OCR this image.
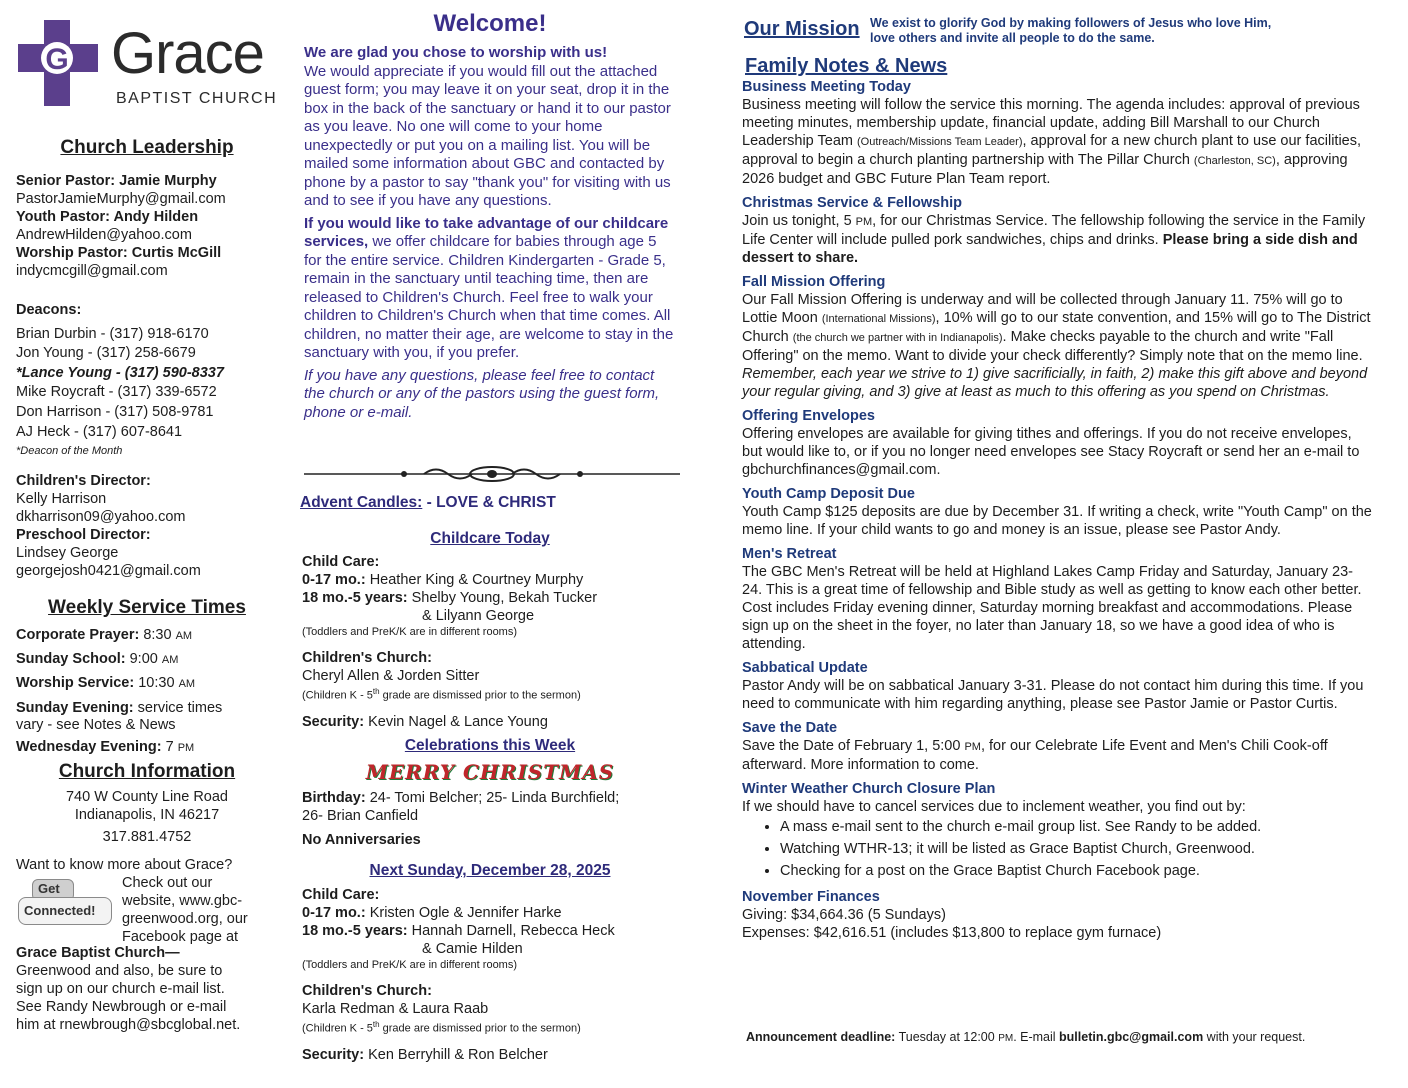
G Grace
BAPTIST CHURCH
Church Leadership

Senior Pastor: Jamie Murphy

PastorJamieMurphy@gmail.com

Youth Pastor: Andy Hilden

AndrewHilden@yahoo.com

Worship Pastor: Curtis McGill

indycmcgill@gmail.com

Deacons:

Brian Durbin - (317) 918-6170

Jon Young - (317) 258-6679

*Lance Young - (317) 590-8337

Mike Roycraft - (317) 339-6572

Don Harrison - (317) 508-9781

AJ Heck - (317) 607-8641

*Deacon of the Month

Children's Director:

Kelly Harrison

dkharrison09@yahoo.com

Preschool Director:

Lindsey George

georgejosh0421@gmail.com

Weekly Service Times

Corporate Prayer: 8:30 AM

Sunday School: 9:00 AM

Worship Service: 10:30 AM

Sunday Evening: service times

vary - see Notes & News

Wednesday Evening: 7 PM

Church Information

740 W County Line Road

Indianapolis, IN 46217

317.881.4752

Want to know more about Grace?
Get
Connected!

Check out our

website, www.gbc-

greenwood.org, our

Facebook page at

Grace Baptist Church—

Greenwood and also, be sure to

sign up on our church e-mail list.

See Randy Newbrough or e-mail

him at rnewbrough@sbcglobal.net.

Welcome!

We are glad you chose to worship with us!

We would appreciate if you would fill out the attached guest form; you may leave it on your seat, drop it in the box in the back of the sanctuary or hand it to our pastor as you leave. No one will come to your home unexpectedly or put you on a mailing list. You will be mailed some information about GBC and contacted by phone by a pastor to say "thank you" for visiting with us and to see if you have any questions.

If you would like to take advantage of our childcare services, we offer childcare for babies through age 5 for the entire service. Children Kindergarten - Grade 5, remain in the sanctuary until teaching time, then are released to Children's Church. Feel free to walk your children to Children's Church when that time comes. All children, no matter their age, are welcome to stay in the sanctuary with you, if you prefer.

If you have any questions, please feel free to contact the church or any of the pastors using the guest form, phone or e-mail.

Advent Candles: - LOVE & CHRIST
Childcare Today

Child Care:

0-17 mo.: Heather King & Courtney Murphy

18 mo.-5 years: Shelby Young, Bekah Tucker

& Lilyann George

(Toddlers and PreK/K are in different rooms)

Children's Church:

Cheryl Allen & Jorden Sitter

(Children K - 5th grade are dismissed prior to the sermon)

Security: Kevin Nagel & Lance Young

Celebrations this Week
MERRY CHRISTMAS

Birthday: 24- Tomi Belcher; 25- Linda Burchfield;

26- Brian Canfield

No Anniversaries

Next Sunday, December 28, 2025

Child Care:

0-17 mo.: Kristen Ogle & Jennifer Harke

18 mo.-5 years: Hannah Darnell, Rebecca Heck

& Camie Hilden

(Toddlers and PreK/K are in different rooms)

Children's Church:

Karla Redman & Laura Raab

(Children K - 5th grade are dismissed prior to the sermon)

Security: Ken Berryhill & Ron Belcher

Our Mission We exist to glorify God by making followers of Jesus who love Him,

love others and invite all people to do the same.

Family Notes & News

Business Meeting Today

Business meeting will follow the service this morning. The agenda includes: approval of previous meeting minutes, membership update, financial update, adding Bill Marshall to our Church Leadership Team (Outreach/Missions Team Leader), approval for a new church plant to use our facilities, approval to begin a church planting partnership with The Pillar Church (Charleston, SC), approving 2026 budget and GBC Future Plan Team report.

Christmas Service & Fellowship

Join us tonight, 5 PM, for our Christmas Service. The fellowship following the service in the Family Life Center will include pulled pork sandwiches, chips and drinks. Please bring a side dish and dessert to share.

Fall Mission Offering

Our Fall Mission Offering is underway and will be collected through January 11. 75% will go to Lottie Moon (International Missions), 10% will go to our state convention, and 15% will go to The District Church (the church we partner with in Indianapolis). Make checks payable to the church and write "Fall Offering" on the memo. Want to divide your check differently? Simply note that on the memo line. Remember, each year we strive to 1) give sacrificially, in faith, 2) make this gift above and beyond your regular giving, and 3) give at least as much to this offering as you spend on Christmas.

Offering Envelopes

Offering envelopes are available for giving tithes and offerings. If you do not receive envelopes, but would like to, or if you no longer need envelopes see Stacy Roycraft or send her an e-mail to gbchurchfinances@gmail.com.

Youth Camp Deposit Due

Youth Camp $125 deposits are due by December 31. If writing a check, write "Youth Camp" on the memo line. If your child wants to go and money is an issue, please see Pastor Andy.

Men's Retreat

The GBC Men's Retreat will be held at Highland Lakes Camp Friday and Saturday, January 23-24. This is a great time of fellowship and Bible study as well as getting to know each other better. Cost includes Friday evening dinner, Saturday morning breakfast and accommodations. Please sign up on the sheet in the foyer, no later than January 18, so we have a good idea of who is attending.

Sabbatical Update

Pastor Andy will be on sabbatical January 3-31. Please do not contact him during this time. If you need to communicate with him regarding anything, please see Pastor Jamie or Pastor Curtis.

Save the Date

Save the Date of February 1, 5:00 PM, for our Celebrate Life Event and Men's Chili Cook-off afterward. More information to come.

Winter Weather Church Closure Plan

If we should have to cancel services due to inclement weather, you find out by:

• A mass e-mail sent to the church e-mail group list. See Randy to be added.
• Watching WTHR-13; it will be listed as Grace Baptist Church, Greenwood.
• Checking for a post on the Grace Baptist Church Facebook page.

November Finances

Giving: $34,664.36 (5 Sundays)

Expenses: $42,616.51 (includes $13,800 to replace gym furnace)

Announcement deadline: Tuesday at 12:00 PM. E-mail bulletin.gbc@gmail.com with your request.
